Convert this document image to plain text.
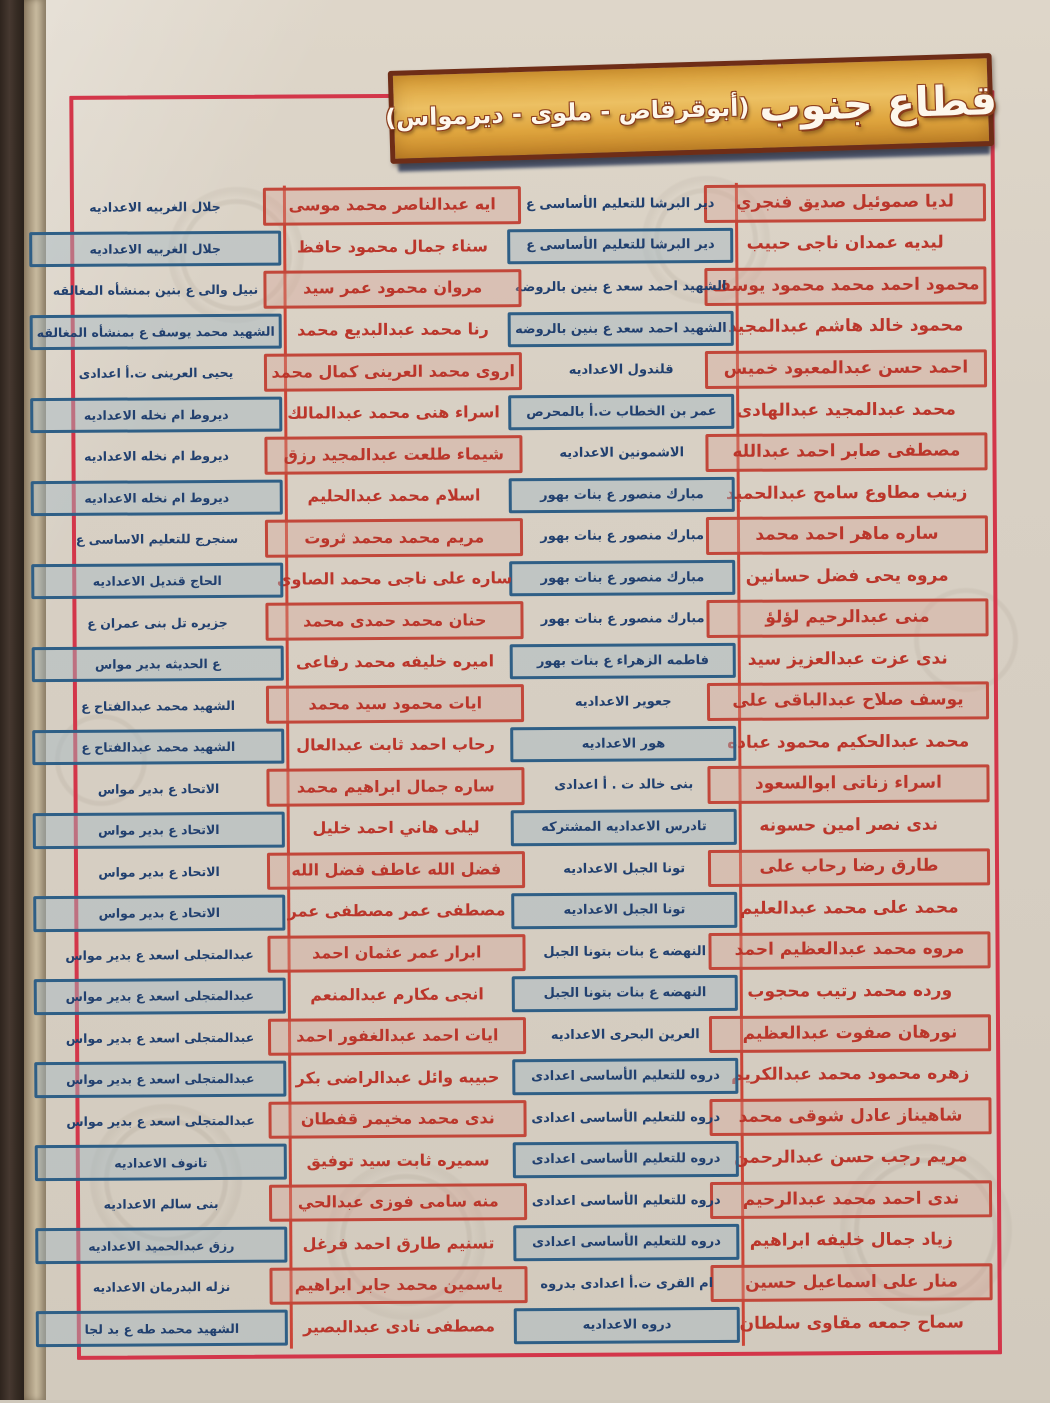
لديا صموئيل صديق فنجري
ليديه عمدان ناجى حبيب
محمود احمد محمد محمود يوسف
محمود خالد هاشم عبدالمجيد
احمد حسن عبدالمعبود خميس
محمد عبدالمجيد عبدالهادى
مصطفى صابر احمد عبدالله
زينب مطاوع سامح عبدالحميد
ساره ماهر احمد محمد
مروه يحى فضل حسانين
منى عبدالرحيم لؤلؤ
ندى عزت عبدالعزيز سيد
يوسف صلاح عبدالباقى على
محمد عبدالحكيم محمود عباده
اسراء زناتى ابوالسعود
ندى نصر امين حسونه
طارق رضا رحاب على
محمد على محمد عبدالعليم
مروه محمد عبدالعظيم احمد
ورده محمد رتيب محجوب
نورهان صفوت عبدالعظيم
زهره محمود محمد عبدالكريم
شاهيناز عادل شوقى محمد
مريم رجب حسن عبدالرحمن
ندى احمد محمد عبدالرحيم
زياد جمال خليفه ابراهيم
منار على اسماعيل حسين
سماح جمعه مقاوى سلطان
دير البرشا للتعليم الأساسى ع
دير البرشا للتعليم الأساسى ع
الشهيد احمد سعد ع بنين بالروضه
الشهيد احمد سعد ع بنين بالروضه
قلندول الاعداديه
عمر بن الخطاب ت.أ بالمحرص
الاشمونين الاعداديه
مبارك منصور ع بنات بهور
مبارك منصور ع بنات بهور
مبارك منصور ع بنات بهور
مبارك منصور ع بنات بهور
فاطمه الزهراء ع بنات بهور
جعوير الاعداديه
هور الاعداديه
بنى خالد ت . أ اعدادى
تادرس الاعداديه المشتركه
تونا الجبل الاعداديه
تونا الجبل الاعداديه
النهضه ع بنات بتونا الجبل
النهضه ع بنات بتونا الجبل
العرين البحرى الاعداديه
دروه للتعليم الأساسى اعدادى
دروه للتعليم الأساسى اعدادى
دروه للتعليم الأساسى اعدادى
دروه للتعليم الأساسى اعدادى
دروه للتعليم الأساسى اعدادى
ام القرى ت.أ اعدادى بدروه
دروه الاعداديه
ايه عبدالناصر محمد موسى
سناء جمال محمود حافظ
مروان محمود عمر سيد
رنا محمد عبدالبديع محمد
اروى محمد العرينى كمال محمد
اسراء هنى محمد عبدالمالك
شيماء طلعت عبدالمجيد رزق
اسلام محمد عبدالحليم
مريم محمد محمد ثروت
ساره على ناجى محمد الصاوى
حنان محمد حمدى محمد
اميره خليفه محمد رفاعى
ايات محمود سيد محمد
رحاب احمد ثابت عبدالعال
ساره جمال ابراهيم محمد
ليلى هاني احمد خليل
فضل الله عاطف فضل الله
مصطفى عمر مصطفى عمر
ابرار عمر عثمان احمد
انجى مكارم عبدالمنعم
ايات احمد عبدالغفور احمد
حبيبه وائل عبدالراضى بكر
ندى محمد مخيمر قفطان
سميره ثابت سيد توفيق
منه سامى فوزى عبدالحي
تسنيم طارق احمد فرغل
ياسمين محمد جابر ابراهيم
مصطفى نادى عبدالبصير
جلال الغربيه الاعداديه
جلال الغربيه الاعداديه
نبيل والى ع بنين بمنشأه المغالقه
الشهيد محمد يوسف ع بمنشأه المغالقه
يحيى العرينى ت.أ اعدادى
ديروط ام نخله الاعداديه
ديروط ام نخله الاعداديه
ديروط ام نخله الاعداديه
سنجرج للتعليم الاساسى ع
الحاج قنديل الاعداديه
جزيره تل بنى عمران ع
ع الحديثه بدير مواس
الشهيد محمد عبدالفتاح ع
الشهيد محمد عبدالفتاح ع
الاتحاد ع بدير مواس
الاتحاد ع بدير مواس
الاتحاد ع بدير مواس
الاتحاد ع بدير مواس
عبدالمتجلى اسعد ع بدير مواس
عبدالمتجلى اسعد ع بدير مواس
عبدالمتجلى اسعد ع بدير مواس
عبدالمتجلى اسعد ع بدير مواس
عبدالمتجلى اسعد ع بدير مواس
تانوف الاعداديه
بنى سالم الاعداديه
رزق عبدالحميد الاعداديه
نزله البدرمان الاعداديه
الشهيد محمد طه ع بد لجا
قطاع جنوب
(أبوقرقاص - ملوى - ديرمواس)
